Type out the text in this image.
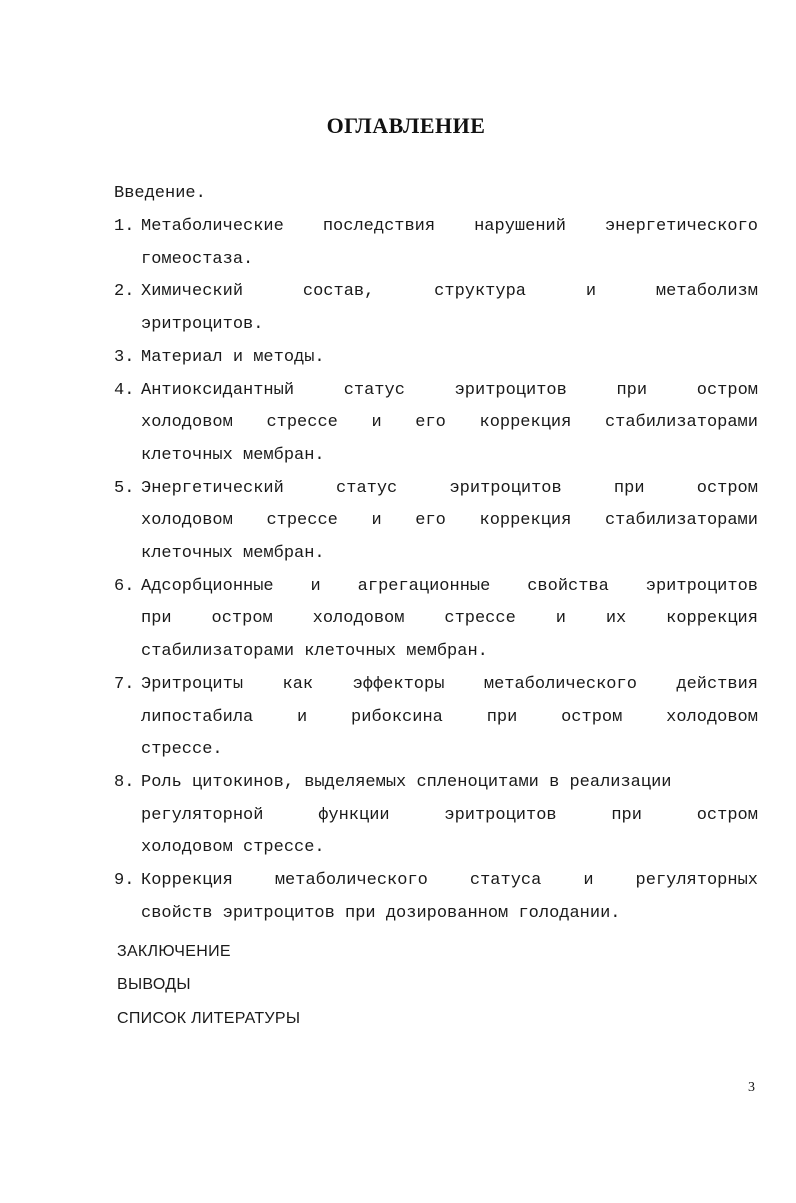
ОГЛАВЛЕНИЕ
Введение.
1. Метаболические последствия нарушений энергетического
гомеостаза.
2. Химический	состав,	структура	и	метаболизм
эритроцитов.
3. Материал и методы.
4. Антиоксидантный	статус	эритроцитов	при	остром
холодовом стрессе и его коррекция стабилизаторами
клеточных мембран.
5. Энергетический	статус	эритроцитов	при	остром
холодовом стрессе и его коррекция стабилизаторами
клеточных мембран.
6. Адсорбционные и агрегационные свойства эритроцитов
при остром холодовом стрессе и их коррекция
стабилизаторами клеточных мембран.
7. Эритроциты как эффекторы метаболического действия
липостабила	и	рибоксина	при	остром	холодовом
стрессе.
8. Роль цитокинов, выделяемых спленоцитами в реализации
регуляторной	функции	эритроцитов	при	остром
холодовом стрессе.
9. Коррекция метаболического статуса и регуляторных
свойств эритроцитов при дозированном голодании.
ЗАКЛЮЧЕНИЕ
ВЫВОДЫ
СПИСОК ЛИТЕРАТУРЫ
3
